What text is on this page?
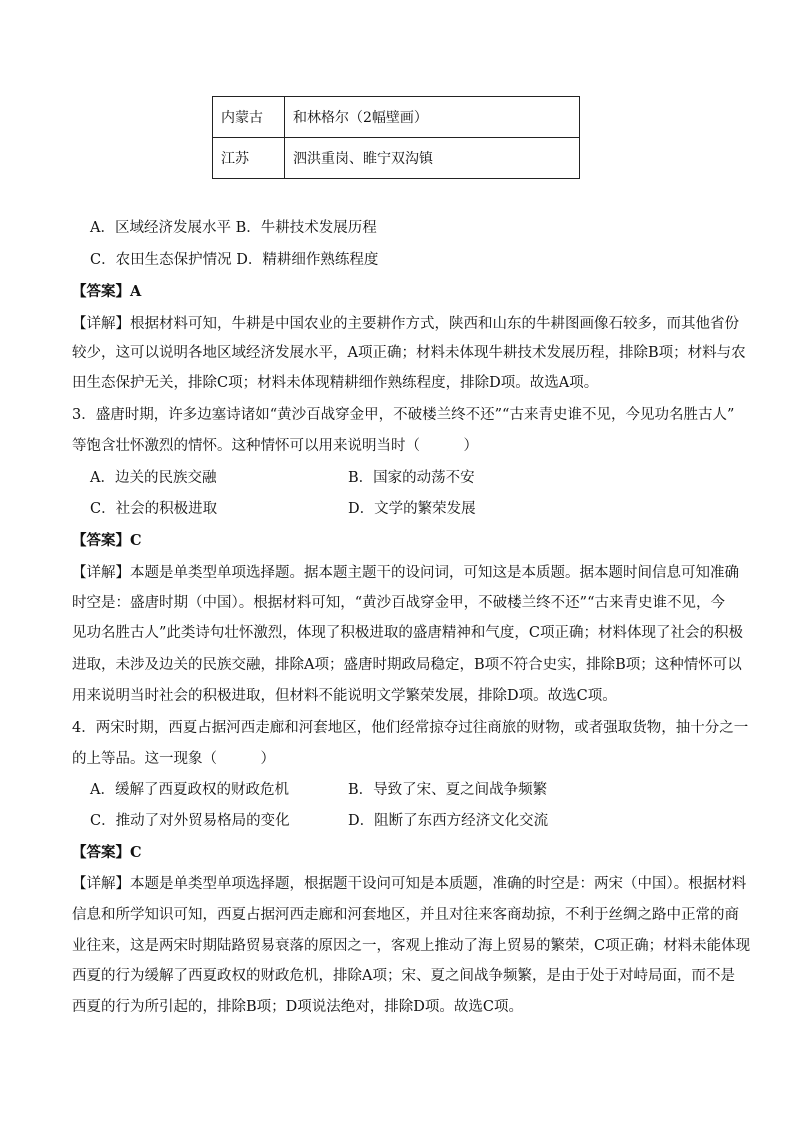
内蒙古	和林格尔（2幅壁画）
江苏	泗洪重岗、睢宁双沟镇
A．区域经济发展水平 B．牛耕技术发展历程
C．农田生态保护情况 D．精耕细作熟练程度
【答案】A
【详解】根据材料可知，牛耕是中国农业的主要耕作方式，陕西和山东的牛耕图画像石较多，而其他省份
较少，这可以说明各地区域经济发展水平，A项正确；材料未体现牛耕技术发展历程，排除B项；材料与农
田生态保护无关，排除C项；材料未体现精耕细作熟练程度，排除D项。故选A项。
3．盛唐时期，许多边塞诗诸如“黄沙百战穿金甲，不破楼兰终不还”“古来青史谁不见，今见功名胜古人”
等饱含壮怀激烈的情怀。这种情怀可以用来说明当时（　　　）
A．边关的民族交融	B．国家的动荡不安
C．社会的积极进取	D．文学的繁荣发展
【答案】C
【详解】本题是单类型单项选择题。据本题主题干的设问词，可知这是本质题。据本题时间信息可知准确
时空是：盛唐时期（中国）。根据材料可知，“黄沙百战穿金甲，不破楼兰终不还”“古来青史谁不见，今
见功名胜古人”此类诗句壮怀激烈，体现了积极进取的盛唐精神和气度，C项正确；材料体现了社会的积极
进取，未涉及边关的民族交融，排除A项；盛唐时期政局稳定，B项不符合史实，排除B项；这种情怀可以
用来说明当时社会的积极进取，但材料不能说明文学繁荣发展，排除D项。故选C项。
4．两宋时期，西夏占据河西走廊和河套地区，他们经常掠夺过往商旅的财物，或者强取货物，抽十分之一
的上等品。这一现象（　　　）
A．缓解了西夏政权的财政危机	B．导致了宋、夏之间战争频繁
C．推动了对外贸易格局的变化	D．阻断了东西方经济文化交流
【答案】C
【详解】本题是单类型单项选择题，根据题干设问可知是本质题，准确的时空是：两宋（中国）。根据材料
信息和所学知识可知，西夏占据河西走廊和河套地区，并且对往来客商劫掠，不利于丝绸之路中正常的商
业往来，这是两宋时期陆路贸易衰落的原因之一，客观上推动了海上贸易的繁荣，C项正确；材料未能体现
西夏的行为缓解了西夏政权的财政危机，排除A项；宋、夏之间战争频繁，是由于处于对峙局面，而不是
西夏的行为所引起的，排除B项；D项说法绝对，排除D项。故选C项。
